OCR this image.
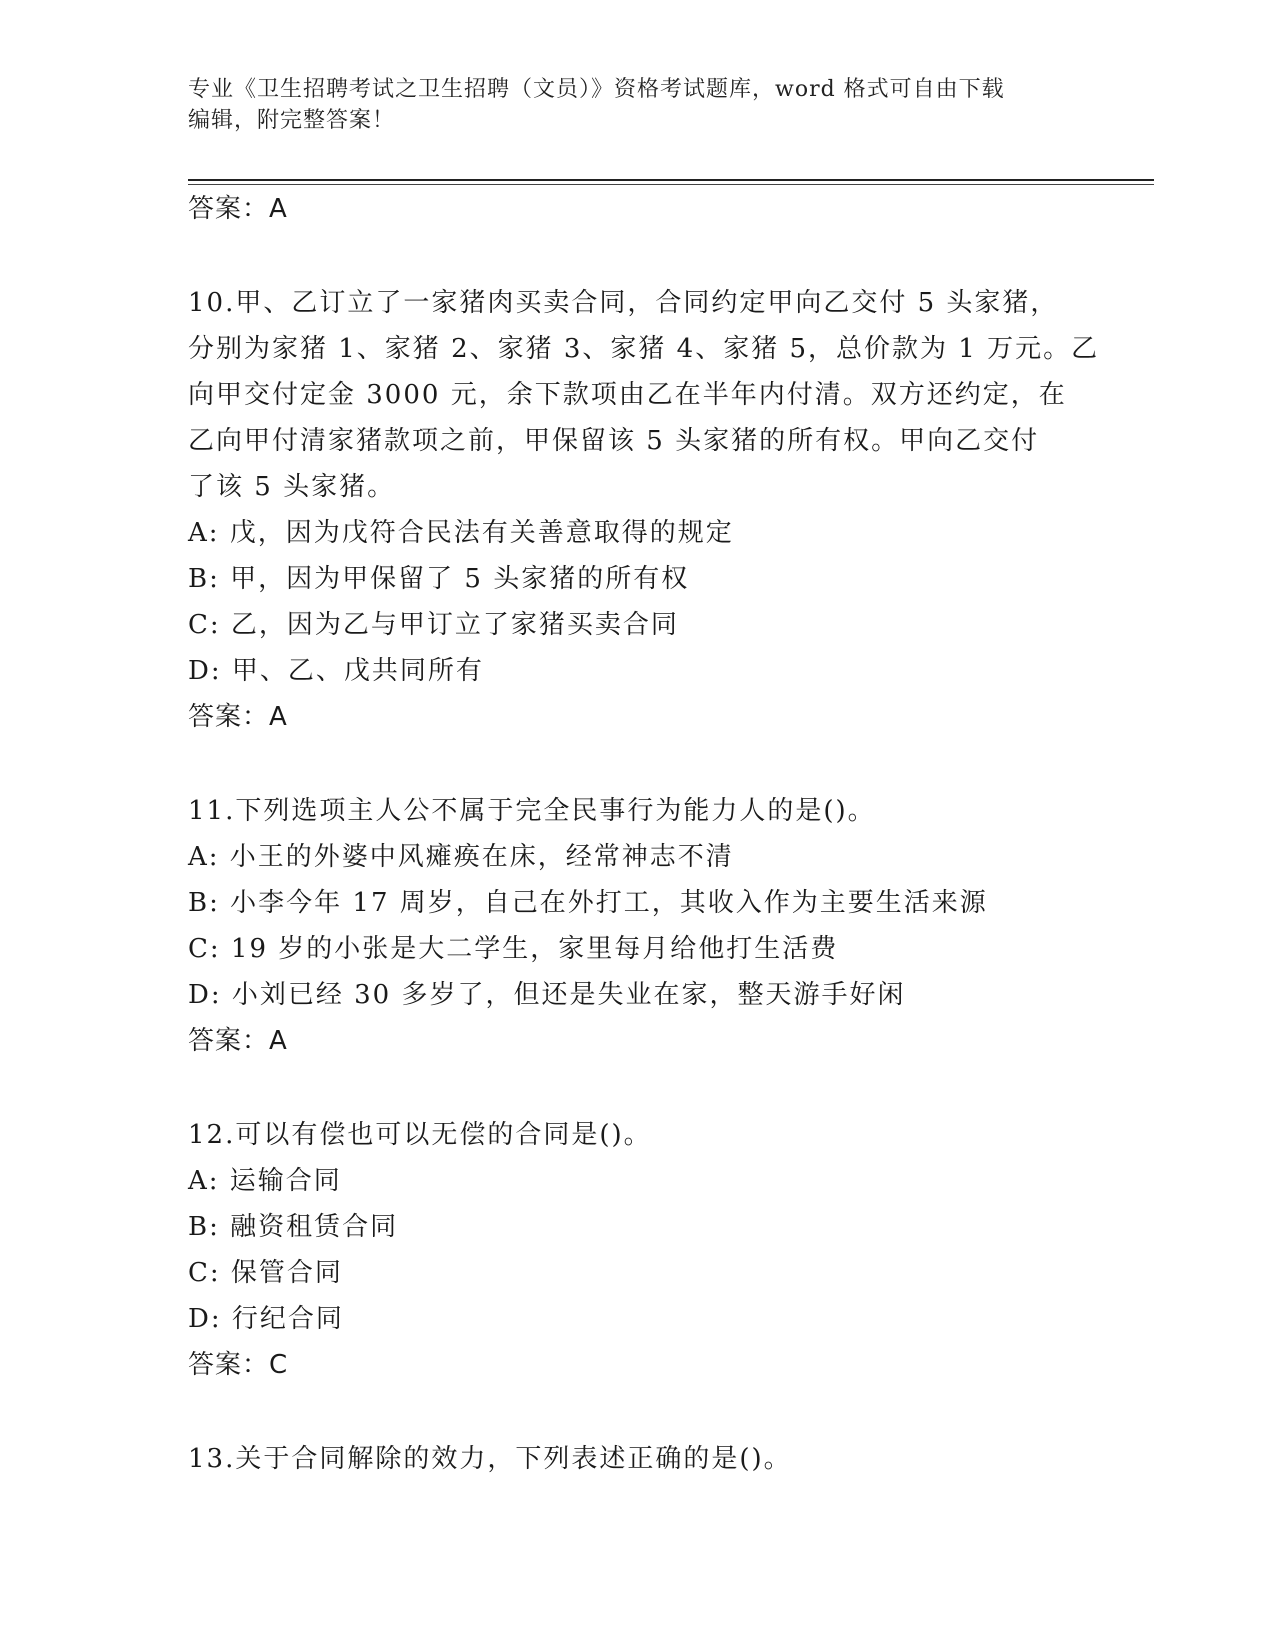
专业《卫生招聘考试之卫生招聘（文员）》资格考试题库，word 格式可自由下载
编辑，附完整答案！
答案：A
10.甲、乙订立了一家猪肉买卖合同，合同约定甲向乙交付 5 头家猪，
分别为家猪 1、家猪 2、家猪 3、家猪 4、家猪 5，总价款为 1 万元。乙
向甲交付定金 3000 元，余下款项由乙在半年内付清。双方还约定，在
乙向甲付清家猪款项之前，甲保留该 5 头家猪的所有权。甲向乙交付
了该 5 头家猪。
A: 戊，因为戊符合民法有关善意取得的规定
B: 甲，因为甲保留了 5 头家猪的所有权
C: 乙，因为乙与甲订立了家猪买卖合同
D: 甲、乙、戊共同所有
答案：A
11.下列选项主人公不属于完全民事行为能力人的是()。
A: 小王的外婆中风瘫痪在床，经常神志不清
B: 小李今年 17 周岁，自己在外打工，其收入作为主要生活来源
C: 19 岁的小张是大二学生，家里每月给他打生活费
D: 小刘已经 30 多岁了，但还是失业在家，整天游手好闲
答案：A
12.可以有偿也可以无偿的合同是()。
A: 运输合同
B: 融资租赁合同
C: 保管合同
D: 行纪合同
答案：C
13.关于合同解除的效力，下列表述正确的是()。
